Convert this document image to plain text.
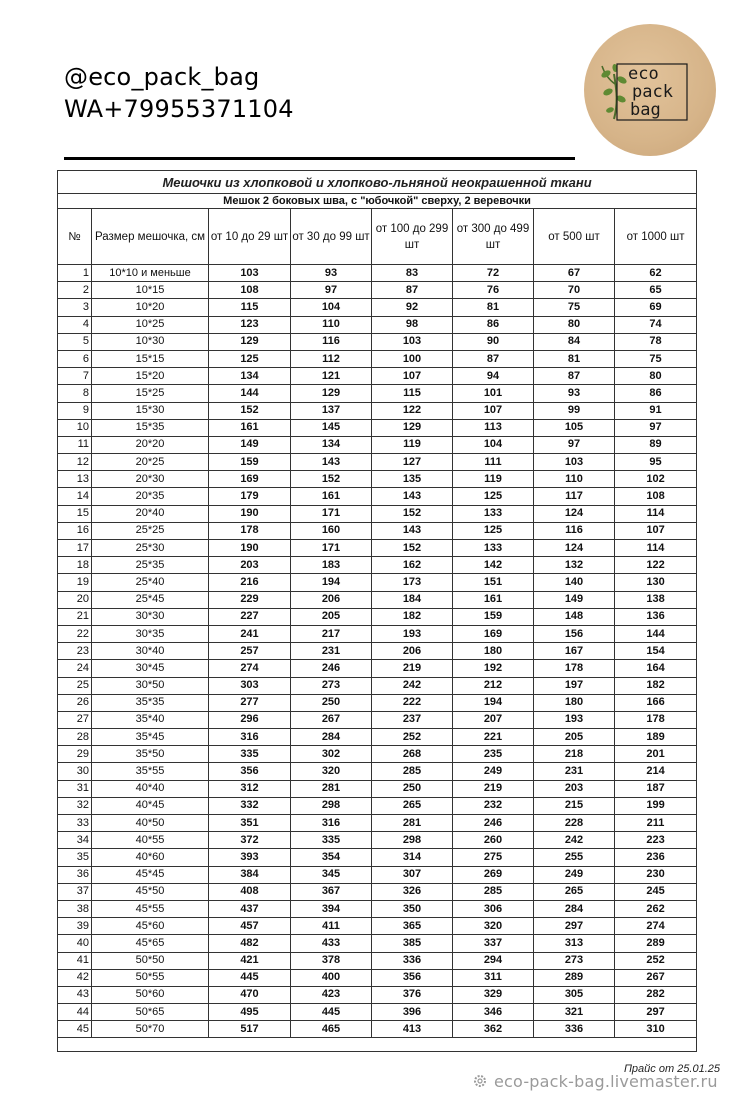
@eco_pack_bag
WA+79955371104
eco
pack
bag
Мешочки из хлопковой и хлопково-льняной неокрашенной ткани							
Мешок 2 боковых шва, с "юбочкой" сверху, 2 веревочки							
№	Размер мешочка, см	от 10 до 29 шт	от 30 до 99 шт	от 100 до 299 шт	от 300 до 499 шт	от 500 шт	от 1000 шт
1	10*10 и меньше	103	93	83	72	67	62
2	10*15	108	97	87	76	70	65
3	10*20	115	104	92	81	75	69
4	10*25	123	110	98	86	80	74
5	10*30	129	116	103	90	84	78
6	15*15	125	112	100	87	81	75
7	15*20	134	121	107	94	87	80
8	15*25	144	129	115	101	93	86
9	15*30	152	137	122	107	99	91
10	15*35	161	145	129	113	105	97
11	20*20	149	134	119	104	97	89
12	20*25	159	143	127	111	103	95
13	20*30	169	152	135	119	110	102
14	20*35	179	161	143	125	117	108
15	20*40	190	171	152	133	124	114
16	25*25	178	160	143	125	116	107
17	25*30	190	171	152	133	124	114
18	25*35	203	183	162	142	132	122
19	25*40	216	194	173	151	140	130
20	25*45	229	206	184	161	149	138
21	30*30	227	205	182	159	148	136
22	30*35	241	217	193	169	156	144
23	30*40	257	231	206	180	167	154
24	30*45	274	246	219	192	178	164
25	30*50	303	273	242	212	197	182
26	35*35	277	250	222	194	180	166
27	35*40	296	267	237	207	193	178
28	35*45	316	284	252	221	205	189
29	35*50	335	302	268	235	218	201
30	35*55	356	320	285	249	231	214
31	40*40	312	281	250	219	203	187
32	40*45	332	298	265	232	215	199
33	40*50	351	316	281	246	228	211
34	40*55	372	335	298	260	242	223
35	40*60	393	354	314	275	255	236
36	45*45	384	345	307	269	249	230
37	45*50	408	367	326	285	265	245
38	45*55	437	394	350	306	284	262
39	45*60	457	411	365	320	297	274
40	45*65	482	433	385	337	313	289
41	50*50	421	378	336	294	273	252
42	50*55	445	400	356	311	289	267
43	50*60	470	423	376	329	305	282
44	50*65	495	445	396	346	321	297
45	50*70	517	465	413	362	336	310

Прайс от 25.01.25
eco-pack-bag.livemaster.ru
